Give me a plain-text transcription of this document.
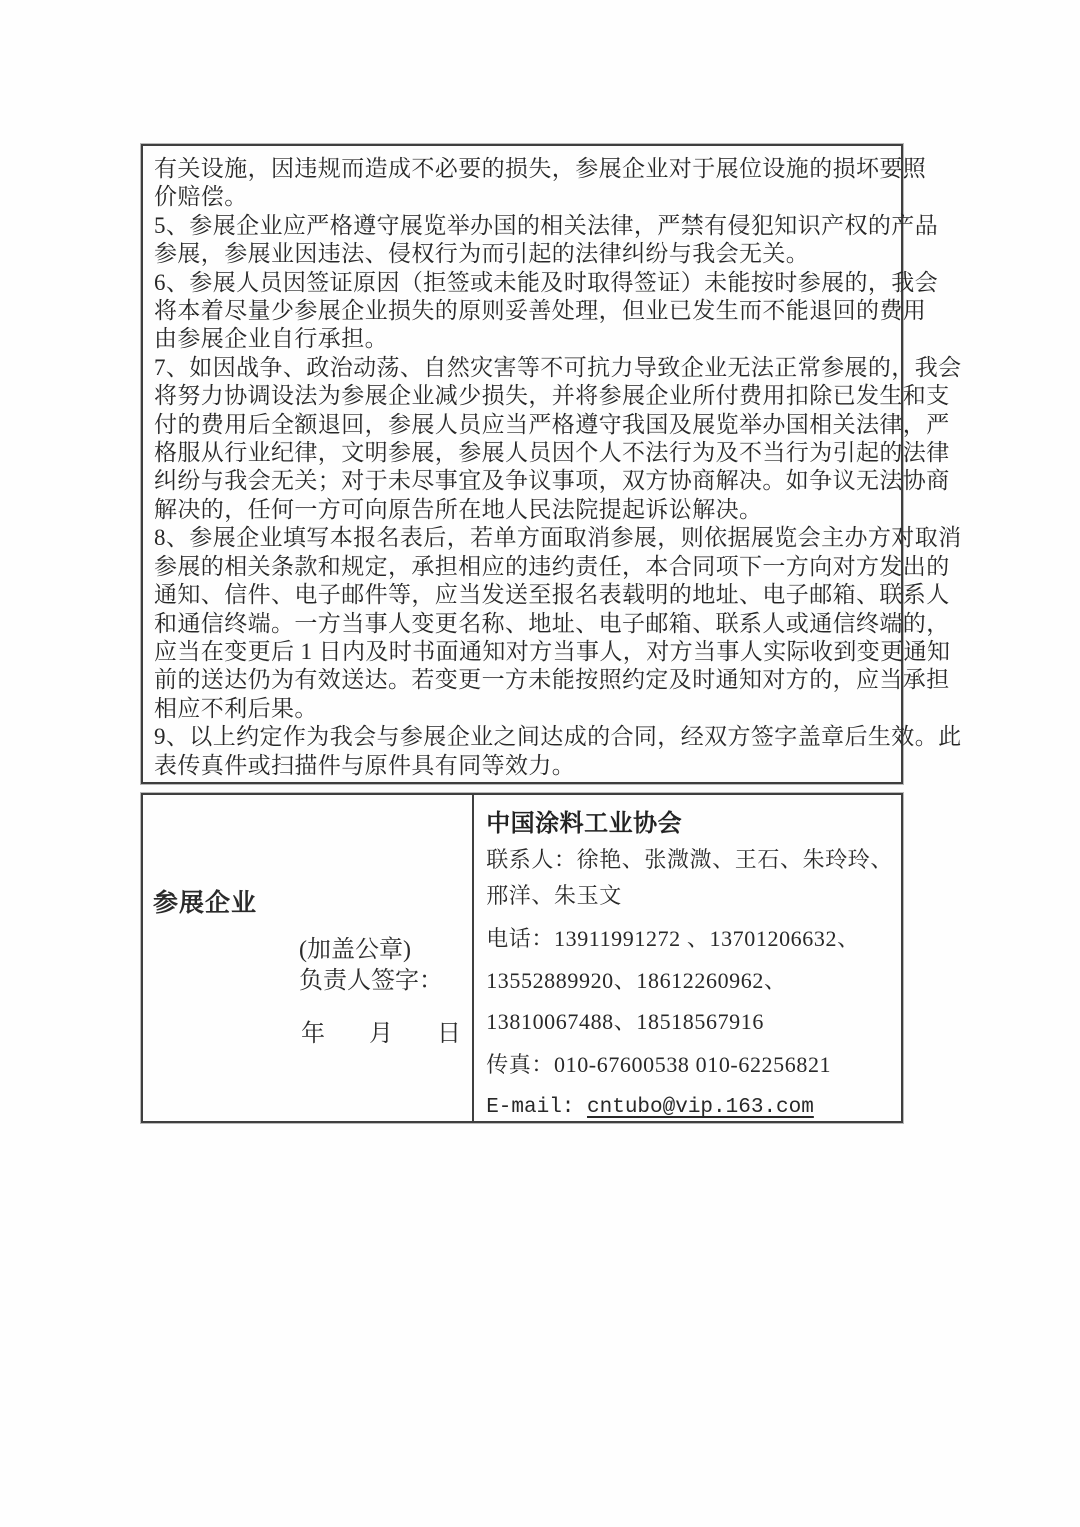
有关设施，因违规而造成不必要的损失，参展企业对于展位设施的损坏要照
价赔偿。
5、参展企业应严格遵守展览举办国的相关法律，严禁有侵犯知识产权的产品
参展，参展业因违法、侵权行为而引起的法律纠纷与我会无关。
6、参展人员因签证原因（拒签或未能及时取得签证）未能按时参展的，我会
将本着尽量少参展企业损失的原则妥善处理，但业已发生而不能退回的费用
由参展企业自行承担。
7、如因战争、政治动荡、自然灾害等不可抗力导致企业无法正常参展的，我会
将努力协调设法为参展企业减少损失，并将参展企业所付费用扣除已发生和支
付的费用后全额退回，参展人员应当严格遵守我国及展览举办国相关法律，严
格服从行业纪律，文明参展，参展人员因个人不法行为及不当行为引起的法律
纠纷与我会无关；对于未尽事宜及争议事项，双方协商解决。如争议无法协商
解决的，任何一方可向原告所在地人民法院提起诉讼解决。
8、参展企业填写本报名表后，若单方面取消参展，则依据展览会主办方对取消
参展的相关条款和规定，承担相应的违约责任，本合同项下一方向对方发出的
通知、信件、电子邮件等，应当发送至报名表载明的地址、电子邮箱、联系人
和通信终端。一方当事人变更名称、地址、电子邮箱、联系人或通信终端的，
应当在变更后 1 日内及时书面通知对方当事人，对方当事人实际收到变更通知
前的送达仍为有效送达。若变更一方未能按照约定及时通知对方的，应当承担
相应不利后果。
9、以上约定作为我会与参展企业之间达成的合同，经双方签字盖章后生效。此
表传真件或扫描件与原件具有同等效力。
参展企业
(加盖公章)
负责人签字：
年 月 日
中国涂料工业协会
联系人：徐艳、张溦溦、王石、朱玲玲、
邢洋、朱玉文
电话：13911991272 、13701206632、
13552889920、18612260962、
13810067488、18518567916
传真：010-67600538 010-62256821
E-mail: cntubo@vip.163.com
